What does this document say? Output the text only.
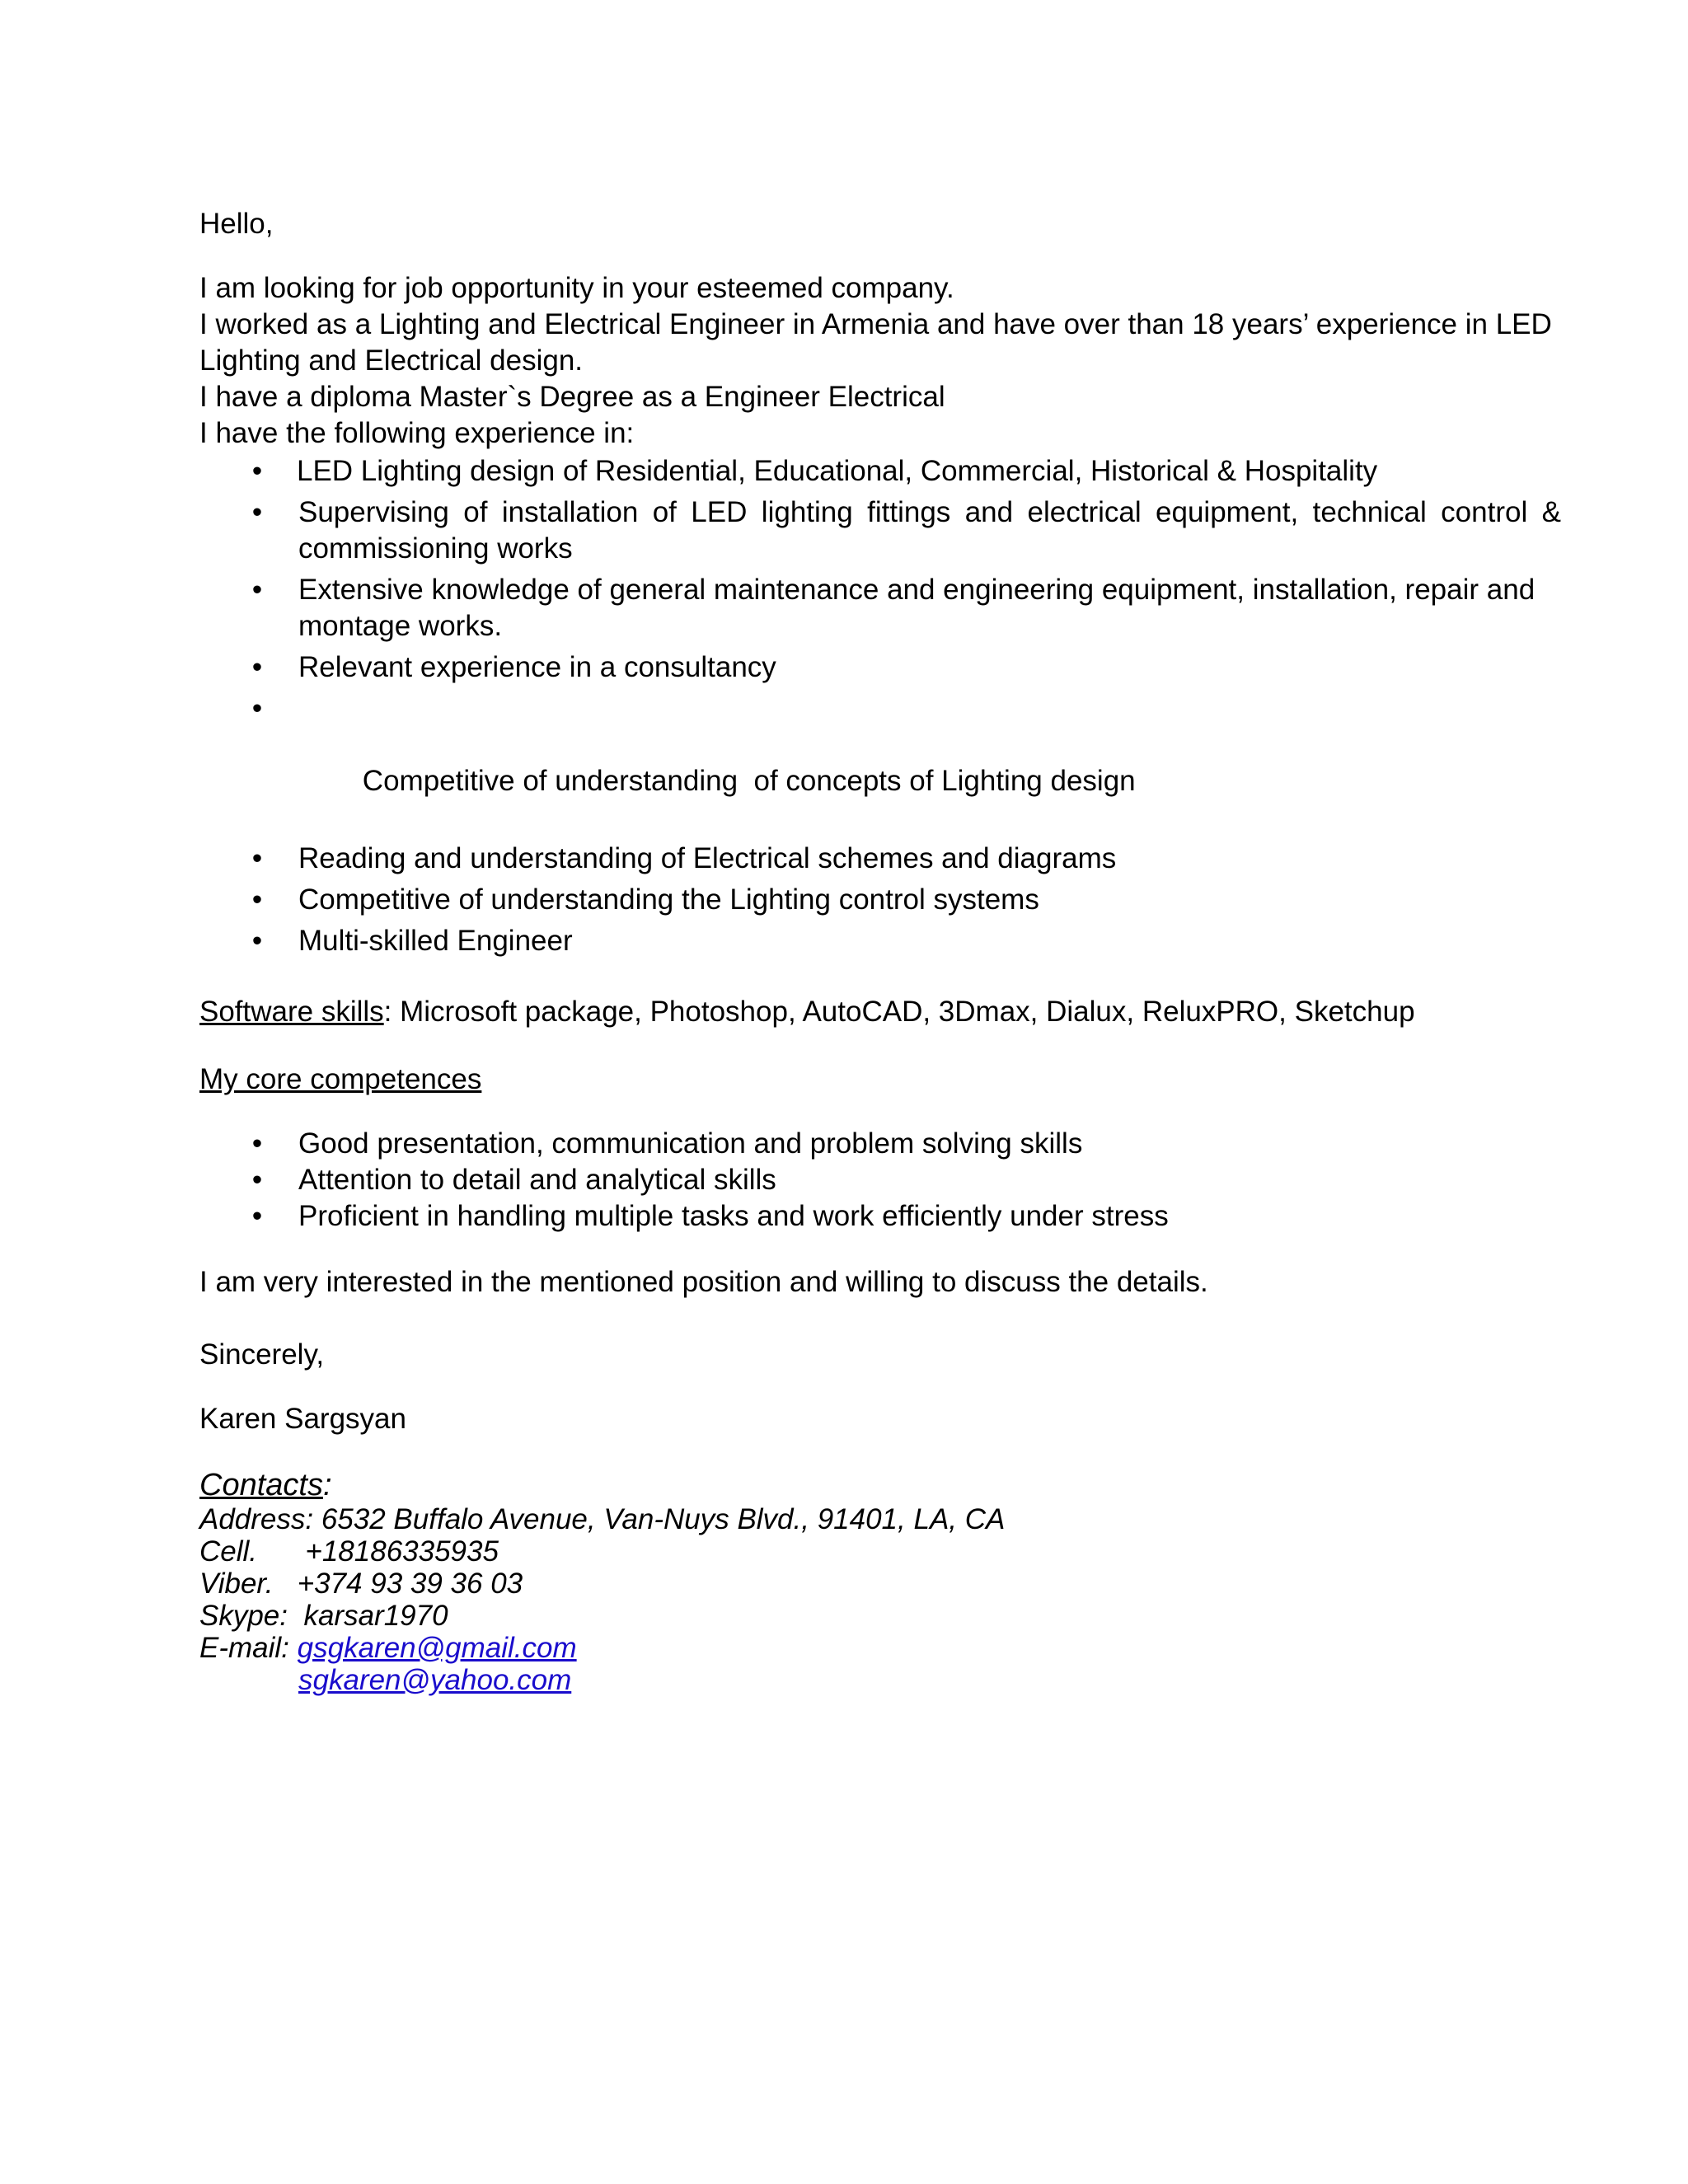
Hello,

I am looking for job opportunity in your esteemed company.

I worked as a Lighting and Electrical Engineer in Armenia and have over than 18 years’ experience in LED Lighting and Electrical design.

I have a diploma Master`s Degree as a Engineer Electrical

I have the following experience in:

• LED Lighting design of Residential, Educational, Commercial, Historical & Hospitality
• Supervising of installation of LED lighting fittings and electrical equipment, technical control & commissioning works
• Extensive knowledge of general maintenance and engineering equipment, installation, repair and montage works.
• Relevant experience in a consultancy

•

Competitive of understanding  of concepts of Lighting design

• Reading and understanding of Electrical schemes and diagrams
• Competitive of understanding the Lighting control systems
• Multi-skilled Engineer

Software skills: Microsoft package, Photoshop, AutoCAD, 3Dmax, Dialux, ReluxPRO, Sketchup

My core competences

• Good presentation, communication and problem solving skills
• Attention to detail and analytical skills
• Proficient in handling multiple tasks and work efficiently under stress

I am very interested in the mentioned position and willing to discuss the details.

Sincerely,

Karen Sargsyan

Contacts:
Address: 6532 Buffalo Avenue, Van-Nuys Blvd., 91401, LA, CA
Cell. +18186335935
Viber. +374 93 39 36 03
Skype: karsar1970
E-mail: gsgkaren@gmail.com
sgkaren@yahoo.com
